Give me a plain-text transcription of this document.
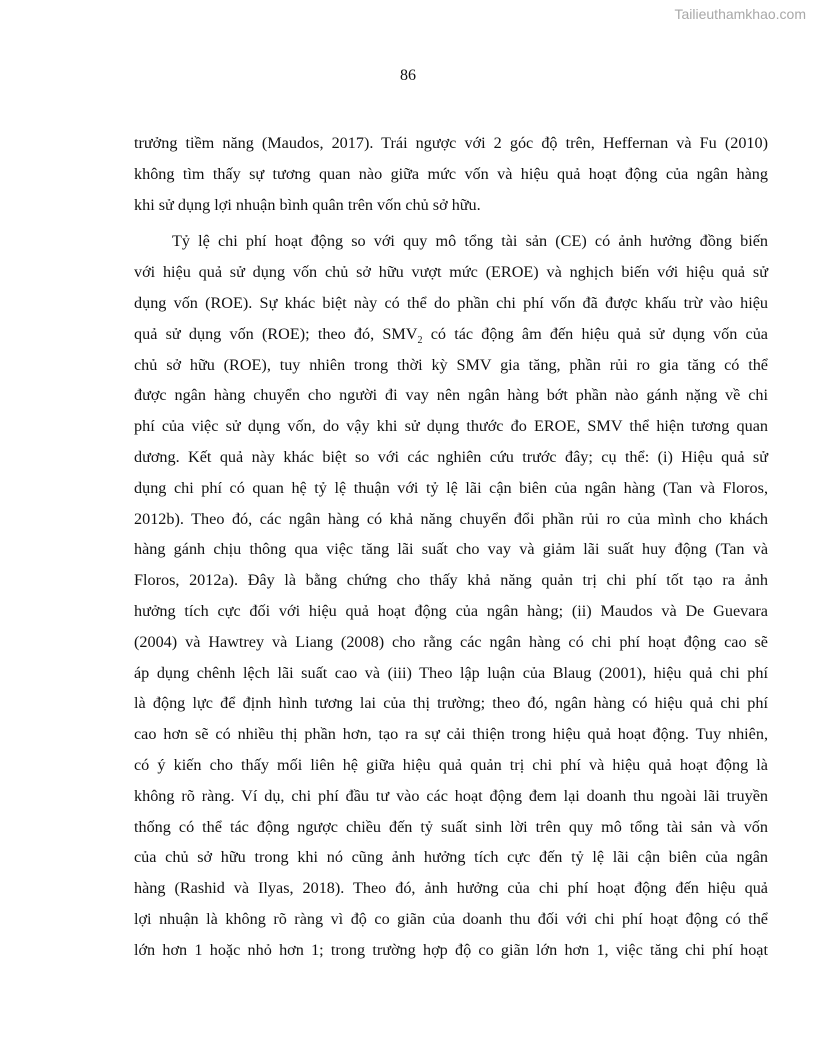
Tailieuthamkhao.com
86
trưởng tiềm năng (Maudos, 2017). Trái ngược với 2 góc độ trên, Heffernan và Fu (2010)
không tìm thấy sự tương quan nào giữa mức vốn và hiệu quả hoạt động của ngân hàng
khi sử dụng lợi nhuận bình quân trên vốn chủ sở hữu.
Tỷ lệ chi phí hoạt động so với quy mô tổng tài sản (CE) có ảnh hưởng đồng biến
với hiệu quả sử dụng vốn chủ sở hữu vượt mức (EROE) và nghịch biến với hiệu quả sử
dụng vốn (ROE). Sự khác biệt này có thể do phần chi phí vốn đã được khấu trừ vào hiệu
quả sử dụng vốn (ROE); theo đó, $SMV_2$ có tác động âm đến hiệu quả sử dụng vốn của
chủ sở hữu (ROE), tuy nhiên trong thời kỳ SMV gia tăng, phần rủi ro gia tăng có thể
được ngân hàng chuyển cho người đi vay nên ngân hàng bớt phần nào gánh nặng về chi
phí của việc sử dụng vốn, do vậy khi sử dụng thước đo EROE, SMV thể hiện tương quan
dương. Kết quả này khác biệt so với các nghiên cứu trước đây; cụ thể: (i) Hiệu quả sử
dụng chi phí có quan hệ tỷ lệ thuận với tỷ lệ lãi cận biên của ngân hàng (Tan và Floros,
2012b). Theo đó, các ngân hàng có khả năng chuyển đổi phần rủi ro của mình cho khách
hàng gánh chịu thông qua việc tăng lãi suất cho vay và giảm lãi suất huy động (Tan và
Floros, 2012a). Đây là bằng chứng cho thấy khả năng quản trị chi phí tốt tạo ra ảnh
hưởng tích cực đối với hiệu quả hoạt động của ngân hàng; (ii) Maudos và De Guevara
(2004) và Hawtrey và Liang (2008) cho rằng các ngân hàng có chi phí hoạt động cao sẽ
áp dụng chênh lệch lãi suất cao và (iii) Theo lập luận của Blaug (2001), hiệu quả chi phí
là động lực để định hình tương lai của thị trường; theo đó, ngân hàng có hiệu quả chi phí
cao hơn sẽ có nhiều thị phần hơn, tạo ra sự cải thiện trong hiệu quả hoạt động. Tuy nhiên,
có ý kiến cho thấy mối liên hệ giữa hiệu quả quản trị chi phí và hiệu quả hoạt động là
không rõ ràng. Ví dụ, chi phí đầu tư vào các hoạt động đem lại doanh thu ngoài lãi truyền
thống có thể tác động ngược chiều đến tỷ suất sinh lời trên quy mô tổng tài sản và vốn
của chủ sở hữu trong khi nó cũng ảnh hưởng tích cực đến tỷ lệ lãi cận biên của ngân
hàng (Rashid và Ilyas, 2018). Theo đó, ảnh hưởng của chi phí hoạt động đến hiệu quả
lợi nhuận là không rõ ràng vì độ co giãn của doanh thu đối với chi phí hoạt động có thể
lớn hơn 1 hoặc nhỏ hơn 1; trong trường hợp độ co giãn lớn hơn 1, việc tăng chi phí hoạt
